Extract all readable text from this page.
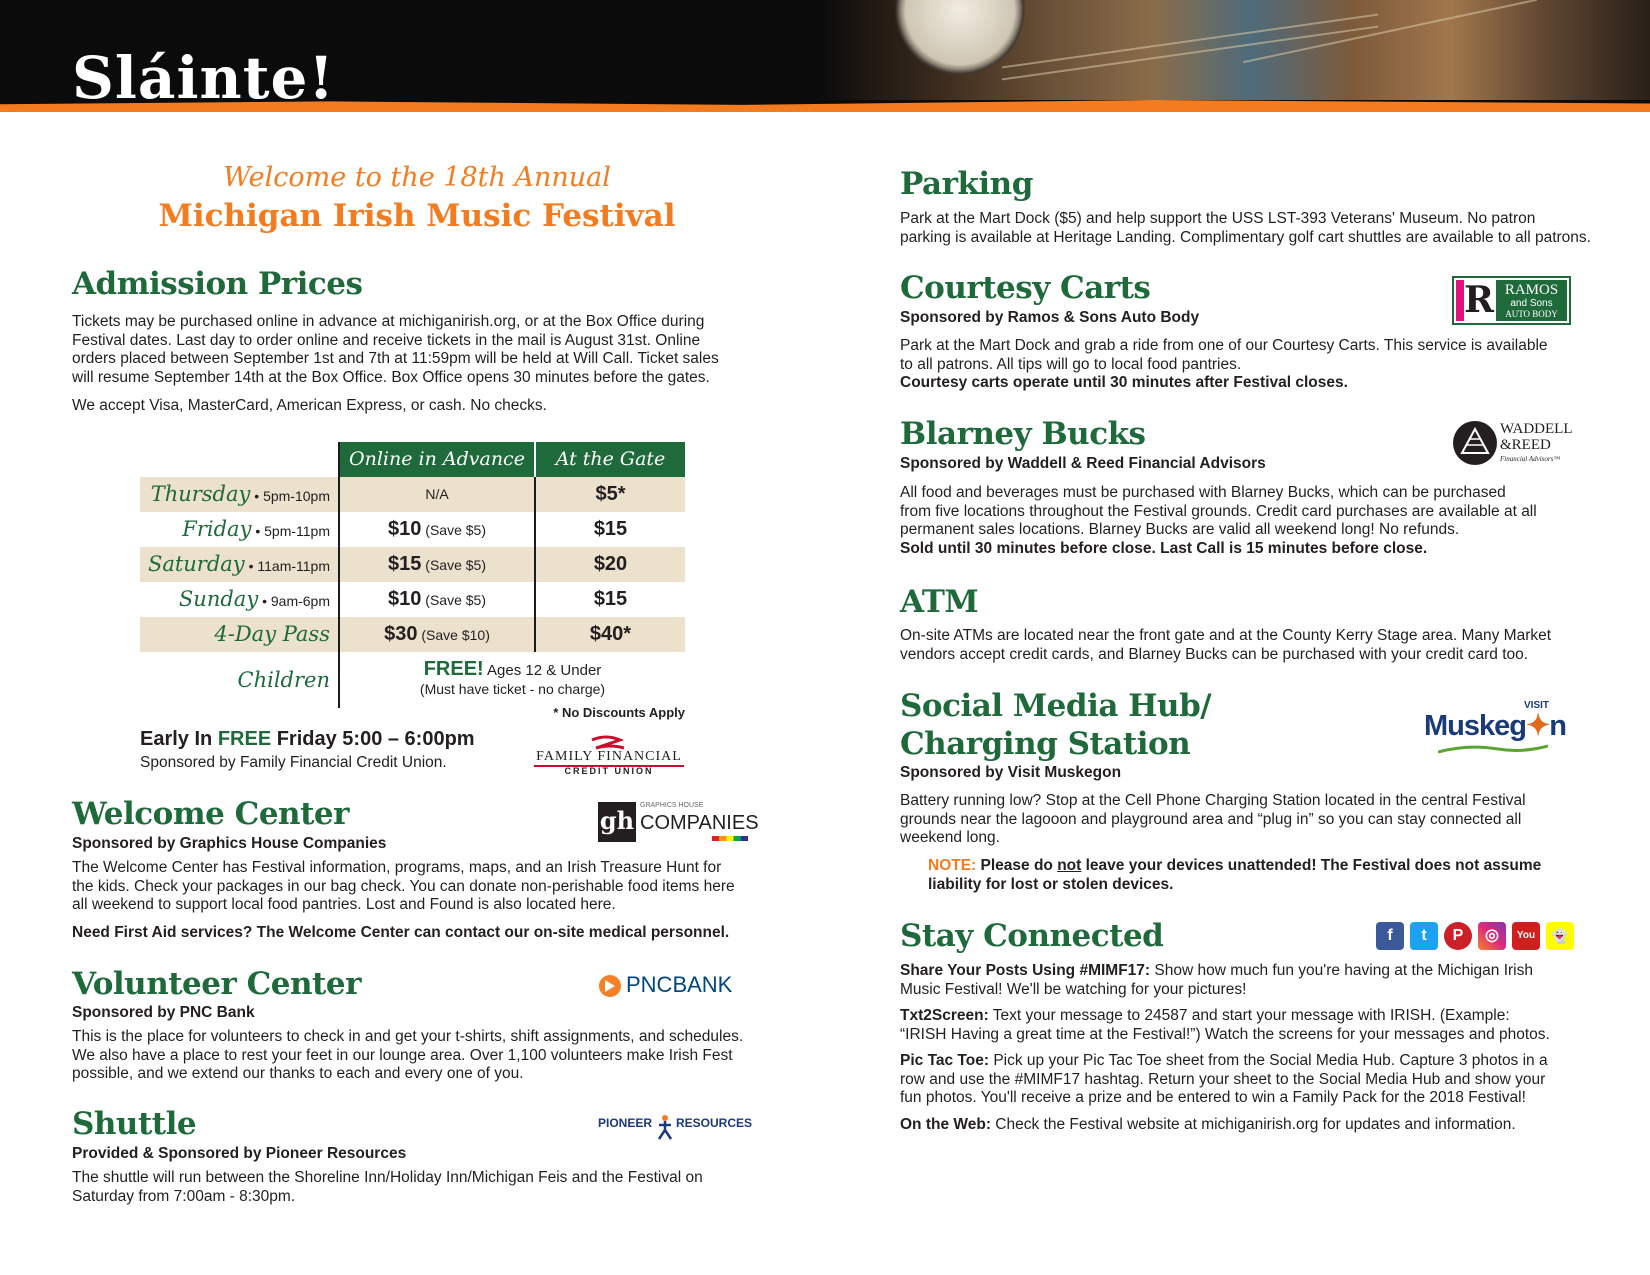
Sláinte!
Welcome to the 18th Annual
Michigan Irish Music Festival
Admission Prices
Tickets may be purchased online in advance at michiganirish.org, or at the Box Office during
Festival dates. Last day to order online and receive tickets in the mail is August 31st. Online
orders placed between September 1st and 7th at 11:59pm will be held at Will Call. Ticket sales
will resume September 14th at the Box Office. Box Office opens 30 minutes before the gates.
We accept Visa, MasterCard, American Express, or cash. No checks.
Online in Advance	At the Gate
Thursday • 5pm-10pm	N/A	$5*
Friday • 5pm-11pm	$10 (Save $5)	$15
Saturday • 11am-11pm	$15 (Save $5)	$20
Sunday • 9am-6pm	$10 (Save $5)	$15
4-Day Pass	$30 (Save $10)	$40*
Children	FREE! Ages 12 & Under
(Must have ticket - no charge)
* No Discounts Apply
Early In FREE Friday 5:00 – 6:00pm
Sponsored by Family Financial Credit Union.	FAMILY FINANCIAL
CREDIT UNION
Welcome Center
Sponsored by Graphics House Companies
The Welcome Center has Festival information, programs, maps, and an Irish Treasure Hunt for
the kids. Check your packages in our bag check. You can donate non-perishable food items here
all weekend to support local food pantries. Lost and Found is also located here.
Need First Aid services? The Welcome Center can contact our on-site medical personnel.
gh
GRAPHICS HOUSE
COMPANIES
Volunteer Center
Sponsored by PNC Bank
This is the place for volunteers to check in and get your t-shirts, shift assignments, and schedules.
We also have a place to rest your feet in our lounge area. Over 1,100 volunteers make Irish Fest
possible, and we extend our thanks to each and every one of you.
PNCBANK
Shuttle
Provided & Sponsored by Pioneer Resources
The shuttle will run between the Shoreline Inn/Holiday Inn/Michigan Feis and the Festival on
Saturday from 7:00am - 8:30pm.
PIONEER RESOURCES
Parking
Park at the Mart Dock ($5) and help support the USS LST-393 Veterans' Museum. No patron
parking is available at Heritage Landing. Complimentary golf cart shuttles are available to all patrons.
Courtesy Carts
Sponsored by Ramos & Sons Auto Body
Park at the Mart Dock and grab a ride from one of our Courtesy Carts. This service is available
to all patrons. All tips will go to local food pantries.
Courtesy carts operate until 30 minutes after Festival closes.
R RAMOS
and Sons
AUTO BODY
Blarney Bucks
Sponsored by Waddell & Reed Financial Advisors
All food and beverages must be purchased with Blarney Bucks, which can be purchased
from five locations throughout the Festival grounds. Credit card purchases are available at all
permanent sales locations. Blarney Bucks are valid all weekend long! No refunds.
Sold until 30 minutes before close. Last Call is 15 minutes before close.
WADDELL
&REED
Financial Advisors™
ATM
On-site ATMs are located near the front gate and at the County Kerry Stage area. Many Market
vendors accept credit cards, and Blarney Bucks can be purchased with your credit card too.
Social Media Hub/
Charging Station
Sponsored by Visit Muskegon
Battery running low? Stop at the Cell Phone Charging Station located in the central Festival
grounds near the lagooon and playground area and “plug in” so you can stay connected all
weekend long.
NOTE: Please do not leave your devices unattended! The Festival does not assume
liability for lost or stolen devices.
VISIT
Muskeg✦n
Stay Connected	f	t	P	◎	You	👻
Share Your Posts Using #MIMF17: Show how much fun you're having at the Michigan Irish
Music Festival! We'll be watching for your pictures!
Txt2Screen: Text your message to 24587 and start your message with IRISH. (Example:
“IRISH Having a great time at the Festival!”) Watch the screens for your messages and photos.
Pic Tac Toe: Pick up your Pic Tac Toe sheet from the Social Media Hub. Capture 3 photos in a
row and use the #MIMF17 hashtag. Return your sheet to the Social Media Hub and show your
fun photos. You'll receive a prize and be entered to win a Family Pack for the 2018 Festival!
On the Web: Check the Festival website at michiganirish.org for updates and information.
